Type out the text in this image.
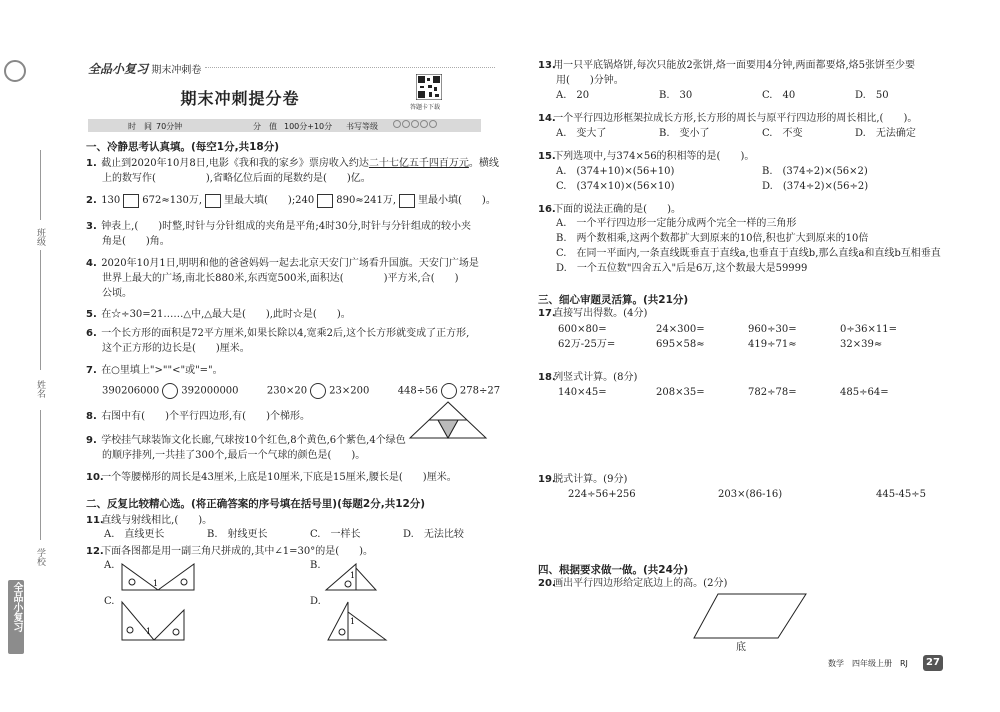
班级
姓名
学校
全品小复习
全品小复习
· 期末冲刺卷
期末冲刺提分卷	答题卡下载
时　间 70分钟	分　值 100分+10分 书写等级
一、冷静思考认真填。(每空1分,共18分)
1. 截止到2020年10月8日,电影《我和我的家乡》票房收入约达二十七亿五千四百万元。横线
上的数写作(　　　　　),省略亿位后面的尾数约是(　　)亿。
2. 130 672≈130万, 里最大填(　　);240 890≈241万, 里最小填(　　)。
3. 钟表上,(　　)时整,时针与分针组成的夹角是平角;4时30分,时针与分针组成的较小夹
角是(　　)角。
4. 2020年10月1日,明明和他的爸爸妈妈一起去北京天安门广场看升国旗。天安门广场是
世界上最大的广场,南北长880米,东西宽500米,面积达(　　　　)平方米,合(　　)
公顷。
5. 在☆÷30=21……△中,△最大是(　　),此时☆是(　　)。
6. 一个长方形的面积是72平方厘米,如果长除以4,宽乘2后,这个长方形就变成了正方形,
这个正方形的边长是(　　)厘米。
7. 在○里填上">""<"或"="。
390206000 392000000	230×20 23×200	448÷56 278÷27
8. 右图中有(　　)个平行四边形,有(　　)个梯形。
9. 学校挂气球装饰文化长廊,气球按10个红色,8个黄色,6个紫色,4个绿色
的顺序排列,一共挂了300个,最后一个气球的颜色是(　　)。
10. 一个等腰梯形的周长是43厘米,上底是10厘米,下底是15厘米,腰长是(　　)厘米。
二、反复比较精心选。(将正确答案的序号填在括号里)(每题2分,共12分)
11. 直线与射线相比,(　　)。
A.　直线更长	B.　射线更长	C.　一样长	D.　无法比较
12. 下面各图都是用一副三角尺拼成的,其中∠1=30°的是(　　)。
A.
1
B.
1
C.
1
D.
1
13. 用一只平底锅烙饼,每次只能放2张饼,烙一面要用4分钟,两面都要烙,烙5张饼至少要
用(　　)分钟。
A.　20	B.　30	C.　40	D.　50
14. 一个平行四边形框架拉成长方形,长方形的周长与原平行四边形的周长相比,(　　)。
A.　变大了	B.　变小了	C.　不变	D.　无法确定
15. 下列选项中,与374×56的积相等的是(　　)。
A.　(374+10)×(56+10)	B.　(374÷2)×(56×2)
C.　(374×10)×(56×10)	D.　(374÷2)×(56÷2)
16. 下面的说法正确的是(　　)。
A.　一个平行四边形一定能分成两个完全一样的三角形
B.　两个数相乘,这两个数都扩大到原来的10倍,积也扩大到原来的10倍
C.　在同一平面内,一条直线既垂直于直线a,也垂直于直线b,那么直线a和直线b互相垂直
D.　一个五位数"四舍五入"后是6万,这个数最大是59999
三、细心审题灵活算。(共21分)
17. 直接写出得数。(4分)
600×80=	24×300=	960÷30=	0÷36×11=
62万-25万=	695×58≈	419÷71≈	32×39≈
18. 列竖式计算。(8分)
140×45=	208×35=	782÷78=	485÷64=
19. 脱式计算。(9分)
224÷56+256	203×(86-16)	445-45÷5
四、根据要求做一做。(共24分)
20. 画出平行四边形给定底边上的高。(2分)
底
数学　四年级上册　RJ	27
